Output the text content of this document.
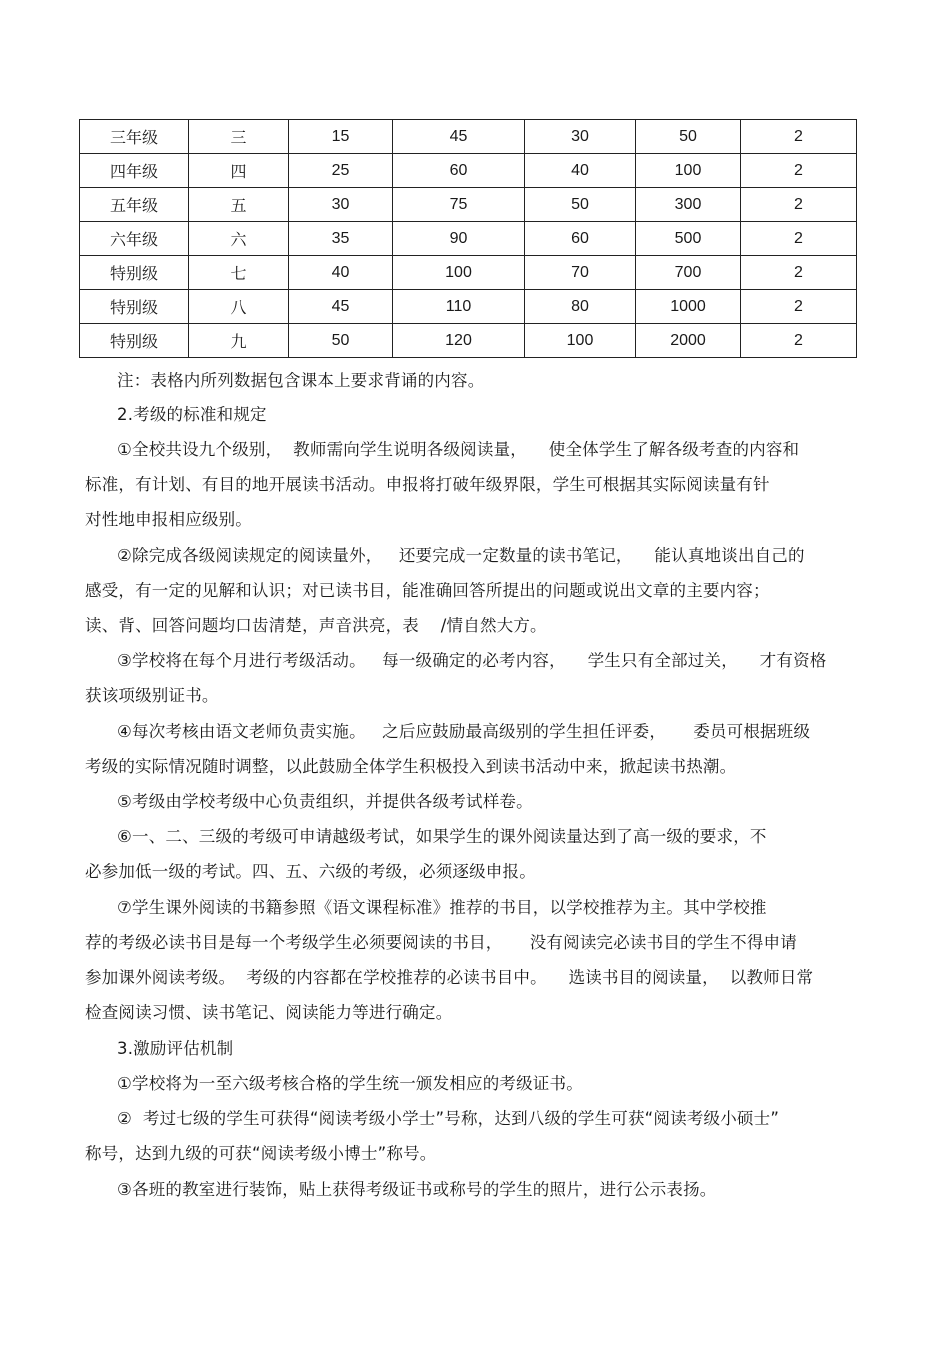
三年级	三	15	45	30	50	2
四年级	四	25	60	40	100	2
五年级	五	30	75	50	300	2
六年级	六	35	90	60	500	2
特别级	七	40	100	70	700	2
特别级	八	45	110	80	1000	2
特别级	九	50	120	100	2000	2
注：表格内所列数据包含课本上要求背诵的内容。
2.考级的标准和规定
①全校共设九个级别，  教师需向学生说明各级阅读量，    使全体学生了解各级考查的内容和
标准，有计划、有目的地开展读书活动。申报将打破年级界限，学生可根据其实际阅读量有针
对性地申报相应级别。
②除完成各级阅读规定的阅读量外，   还要完成一定数量的读书笔记，    能认真地谈出自己的
感受，有一定的见解和认识；对已读书目，能准确回答所提出的问题或说出文章的主要内容；
读、背、回答问题均口齿清楚，声音洪亮，表    /情自然大方。
③学校将在每个月进行考级活动。   每一级确定的必考内容，    学生只有全部过关，    才有资格
获该项级别证书。
④每次考核由语文老师负责实施。   之后应鼓励最高级别的学生担任评委，     委员可根据班级
考级的实际情况随时调整，以此鼓励全体学生积极投入到读书活动中来，掀起读书热潮。
⑤考级由学校考级中心负责组织，并提供各级考试样卷。
⑥一、二、三级的考级可申请越级考试，如果学生的课外阅读量达到了高一级的要求，不
必参加低一级的考试。四、五、六级的考级，必须逐级申报。
⑦学生课外阅读的书籍参照《语文课程标准》推荐的书目，以学校推荐为主。其中学校推
荐的考级必读书目是每一个考级学生必须要阅读的书目，     没有阅读完必读书目的学生不得申请
参加课外阅读考级。  考级的内容都在学校推荐的必读书目中。    选读书目的阅读量，  以教师日常
检查阅读习惯、读书笔记、阅读能力等进行确定。
3.激励评估机制
①学校将为一至六级考核合格的学生统一颁发相应的考级证书。
②  考过七级的学生可获得“阅读考级小学士”号称，达到八级的学生可获“阅读考级小硕士”
称号，达到九级的可获“阅读考级小博士”称号。
③各班的教室进行装饰，贴上获得考级证书或称号的学生的照片，进行公示表扬。
